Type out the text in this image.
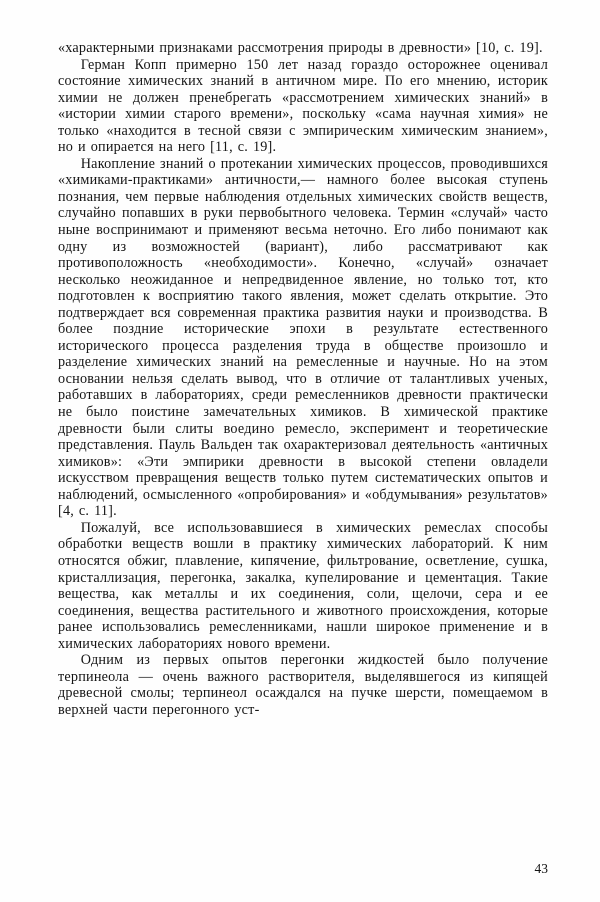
«характерными признаками рассмотрения природы в древности» [10, с. 19].

Герман Копп примерно 150 лет назад гораздо осторожнее оценивал состояние химических знаний в античном мире. По его мнению, историк химии не должен пренебрегать «рассмотрением химических знаний» в «истории химии старого времени», поскольку «сама научная химия» не только «находится в тесной связи с эмпирическим химическим знанием», но и опирается на него [11, с. 19].

Накопление знаний о протекании химических процессов, проводившихся «химиками-практиками» античности,— намного более высокая ступень познания, чем первые наблюдения отдельных химических свойств веществ, случайно попавших в руки первобытного человека. Термин «случай» часто ныне воспринимают и применяют весьма неточно. Его либо понимают как одну из возможностей (вариант), либо рассматривают как противоположность «необходимости». Конечно, «случай» означает несколько неожиданное и непредвиденное явление, но только тот, кто подготовлен к восприятию такого явления, может сделать открытие. Это подтверждает вся современная практика развития науки и производства. В более поздние исторические эпохи в результате естественного исторического процесса разделения труда в обществе произошло и разделение химических знаний на ремесленные и научные. Но на этом основании нельзя сделать вывод, что в отличие от талантливых ученых, работавших в лабораториях, среди ремесленников древности практически не было поистине замечательных химиков. В химической практике древности были слиты воедино ремесло, эксперимент и теоретические представления. Пауль Вальден так охарактеризовал деятельность «античных химиков»: «Эти эмпирики древности в высокой степени овладели искусством превращения веществ только путем систематических опытов и наблюдений, осмысленного «опробирования» и «обдумывания» результатов» [4, с. 11].

Пожалуй, все использовавшиеся в химических ремеслах способы обработки веществ вошли в практику химических лабораторий. К ним относятся обжиг, плавление, кипячение, фильтрование, осветление, сушка, кристаллизация, перегонка, закалка, купелирование и цементация. Такие вещества, как металлы и их соединения, соли, щелочи, сера и ее соединения, вещества растительного и животного происхождения, которые ранее использовались ремесленниками, нашли широкое применение и в химических лабораториях нового времени.

Одним из первых опытов перегонки жидкостей было получение терпинеола — очень важного растворителя, выделявшегося из кипящей древесной смолы; терпинеол осаждался на пучке шерсти, помещаемом в верхней части перегонного уст-

43
